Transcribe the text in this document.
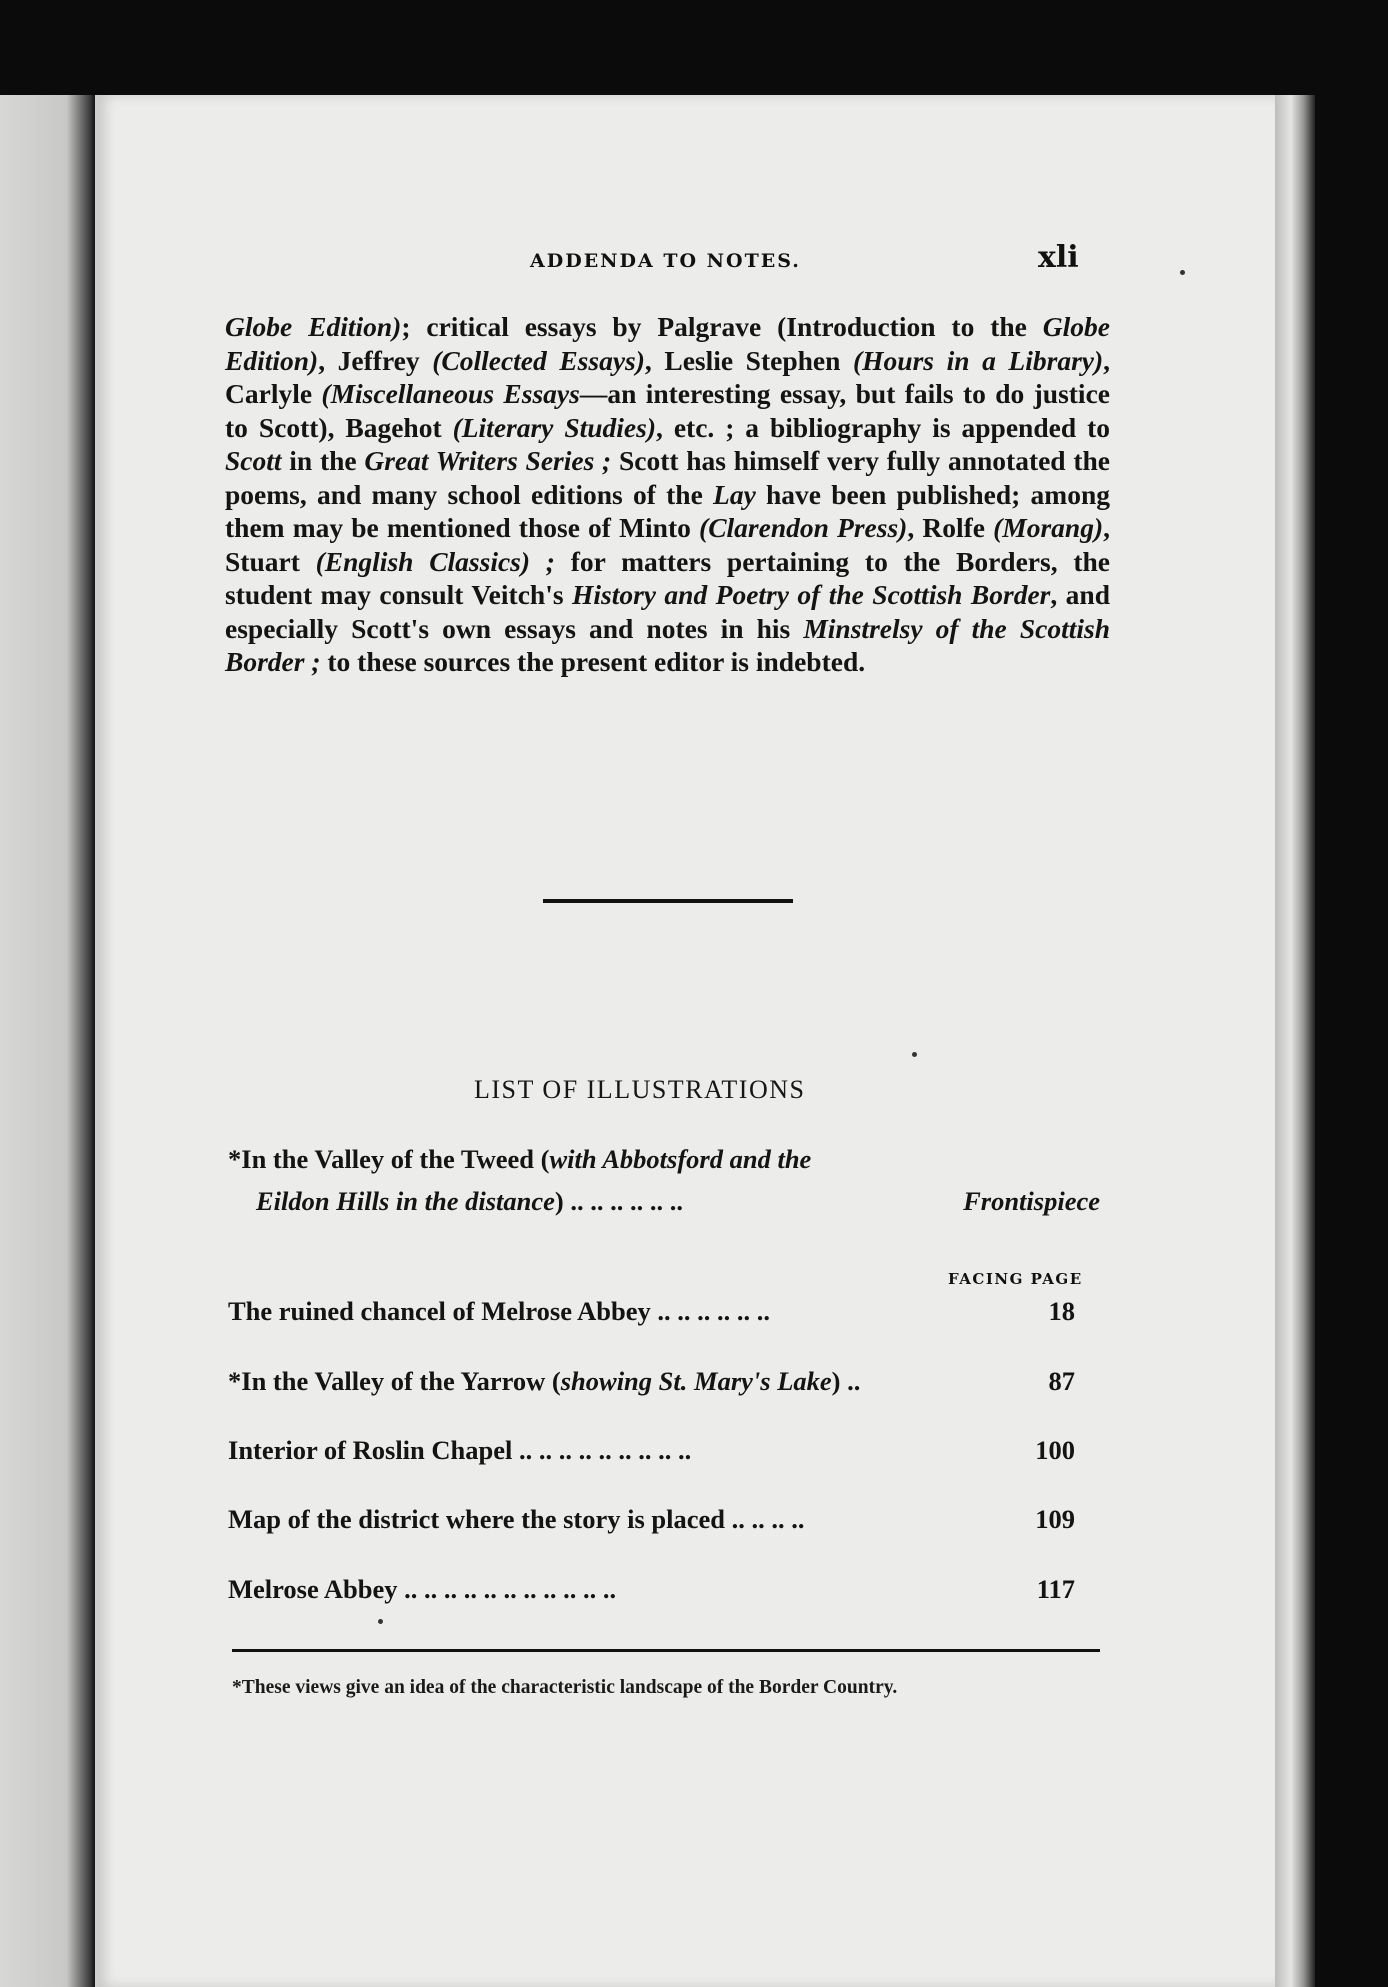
ADDENDA TO NOTES.	xli
Globe Edition); critical essays by Palgrave (Introduction to the Globe Edition), Jeffrey (Collected Essays), Leslie Stephen (Hours in a Library), Carlyle (Miscellaneous Essays—an interesting essay, but fails to do justice to Scott), Bagehot (Literary Studies), etc. ; a bibliography is appended to Scott in the Great Writers Series ; Scott has himself very fully annotated the poems, and many school editions of the Lay have been published; among them may be mentioned those of Minto (Clarendon Press), Rolfe (Morang), Stuart (English Classics) ; for matters pertaining to the Borders, the student may consult Veitch's History and Poetry of the Scottish Border, and especially Scott's own essays and notes in his Minstrelsy of the Scottish Border ; to these sources the present editor is indebted.
LIST OF ILLUSTRATIONS
*In the Valley of the Tweed (with Abbotsford and the
Eildon Hills in the distance) .. .. .. .. .. ..	Frontispiece
FACING PAGE
The ruined chancel of Melrose Abbey .. .. .. .. .. ..	18
*In the Valley of the Yarrow (showing St. Mary's Lake) ..	87
Interior of Roslin Chapel .. .. .. .. .. .. .. .. ..	100
Map of the district where the story is placed .. .. .. ..	109
Melrose Abbey .. .. .. .. .. .. .. .. .. .. ..	117
*These views give an idea of the characteristic landscape of the Border Country.
